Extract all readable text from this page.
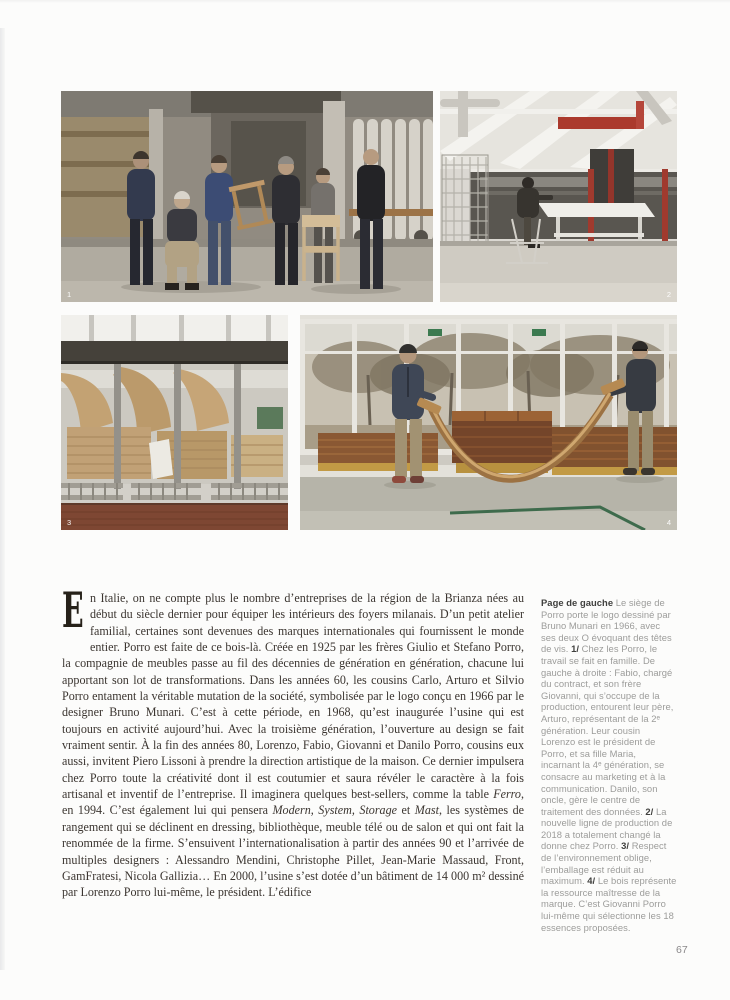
1	2
3	4

E n Italie, on ne compte plus le nombre d’entreprises de la région de la Brianza nées au début du siècle dernier pour équiper les intérieurs des foyers milanais. D’un petit atelier familial, certaines sont devenues des marques internationales qui fournissent le monde entier. Porro est faite de ce bois-là. Créée en 1925 par les frères Giulio et Stefano Porro, la compagnie de meubles passe au fil des décennies de génération en génération, chacune lui apportant son lot de transformations. Dans les années 60, les cousins Carlo, Arturo et Silvio Porro entament la véritable mutation de la société, symbolisée par le logo conçu en 1966 par le designer Bruno Munari. C’est à cette période, en 1968, qu’est inaugurée l’usine qui est toujours en activité aujourd’hui. Avec la troisième génération, l’ouverture au design se fait vraiment sentir. À la fin des années 80, Lorenzo, Fabio, Giovanni et Danilo Porro, cousins eux aussi, invitent Piero Lissoni à prendre la direction artistique de la maison. Ce dernier impulsera chez Porro toute la créativité dont il est coutumier et saura révéler le caractère à la fois artisanal et inventif de l’entreprise. Il imaginera quelques best-sellers, comme la table Ferro, en 1994. C’est également lui qui pensera Modern, System, Storage et Mast, les systèmes de rangement qui se déclinent en dressing, bibliothèque, meuble télé ou de salon et qui ont fait la renommée de la firme. S’ensuivent l’internationalisation à partir des années 90 et l’arrivée de multiples designers : Alessandro Mendini, Christophe Pillet, Jean-Marie Massaud, Front, GamFratesi, Nicola Gallizia… En 2000, l’usine s’est dotée d’un bâtiment de 14 000 m² dessiné par Lorenzo Porro lui-même, le président. L’édifice

Page de gauche Le siège de Porro porte le logo dessiné par Bruno Munari en 1966, avec ses deux O évoquant des têtes de vis. 1/ Chez les Porro, le travail se fait en famille. De gauche à droite : Fabio, chargé du contract, et son frère Giovanni, qui s’occupe de la production, entourent leur père, Arturo, représentant de la 2ᵉ génération. Leur cousin Lorenzo est le président de Porro, et sa fille Maria, incarnant la 4ᵉ génération, se consacre au marketing et à la communication. Danilo, son oncle, gère le centre de traitement des données. 2/ La nouvelle ligne de production de 2018 a totalement changé la donne chez Porro. 3/ Respect de l’environnement oblige, l’emballage est réduit au maximum. 4/ Le bois représente la ressource maîtresse de la marque. C’est Giovanni Porro lui-même qui sélectionne les 18 essences proposées.
67
